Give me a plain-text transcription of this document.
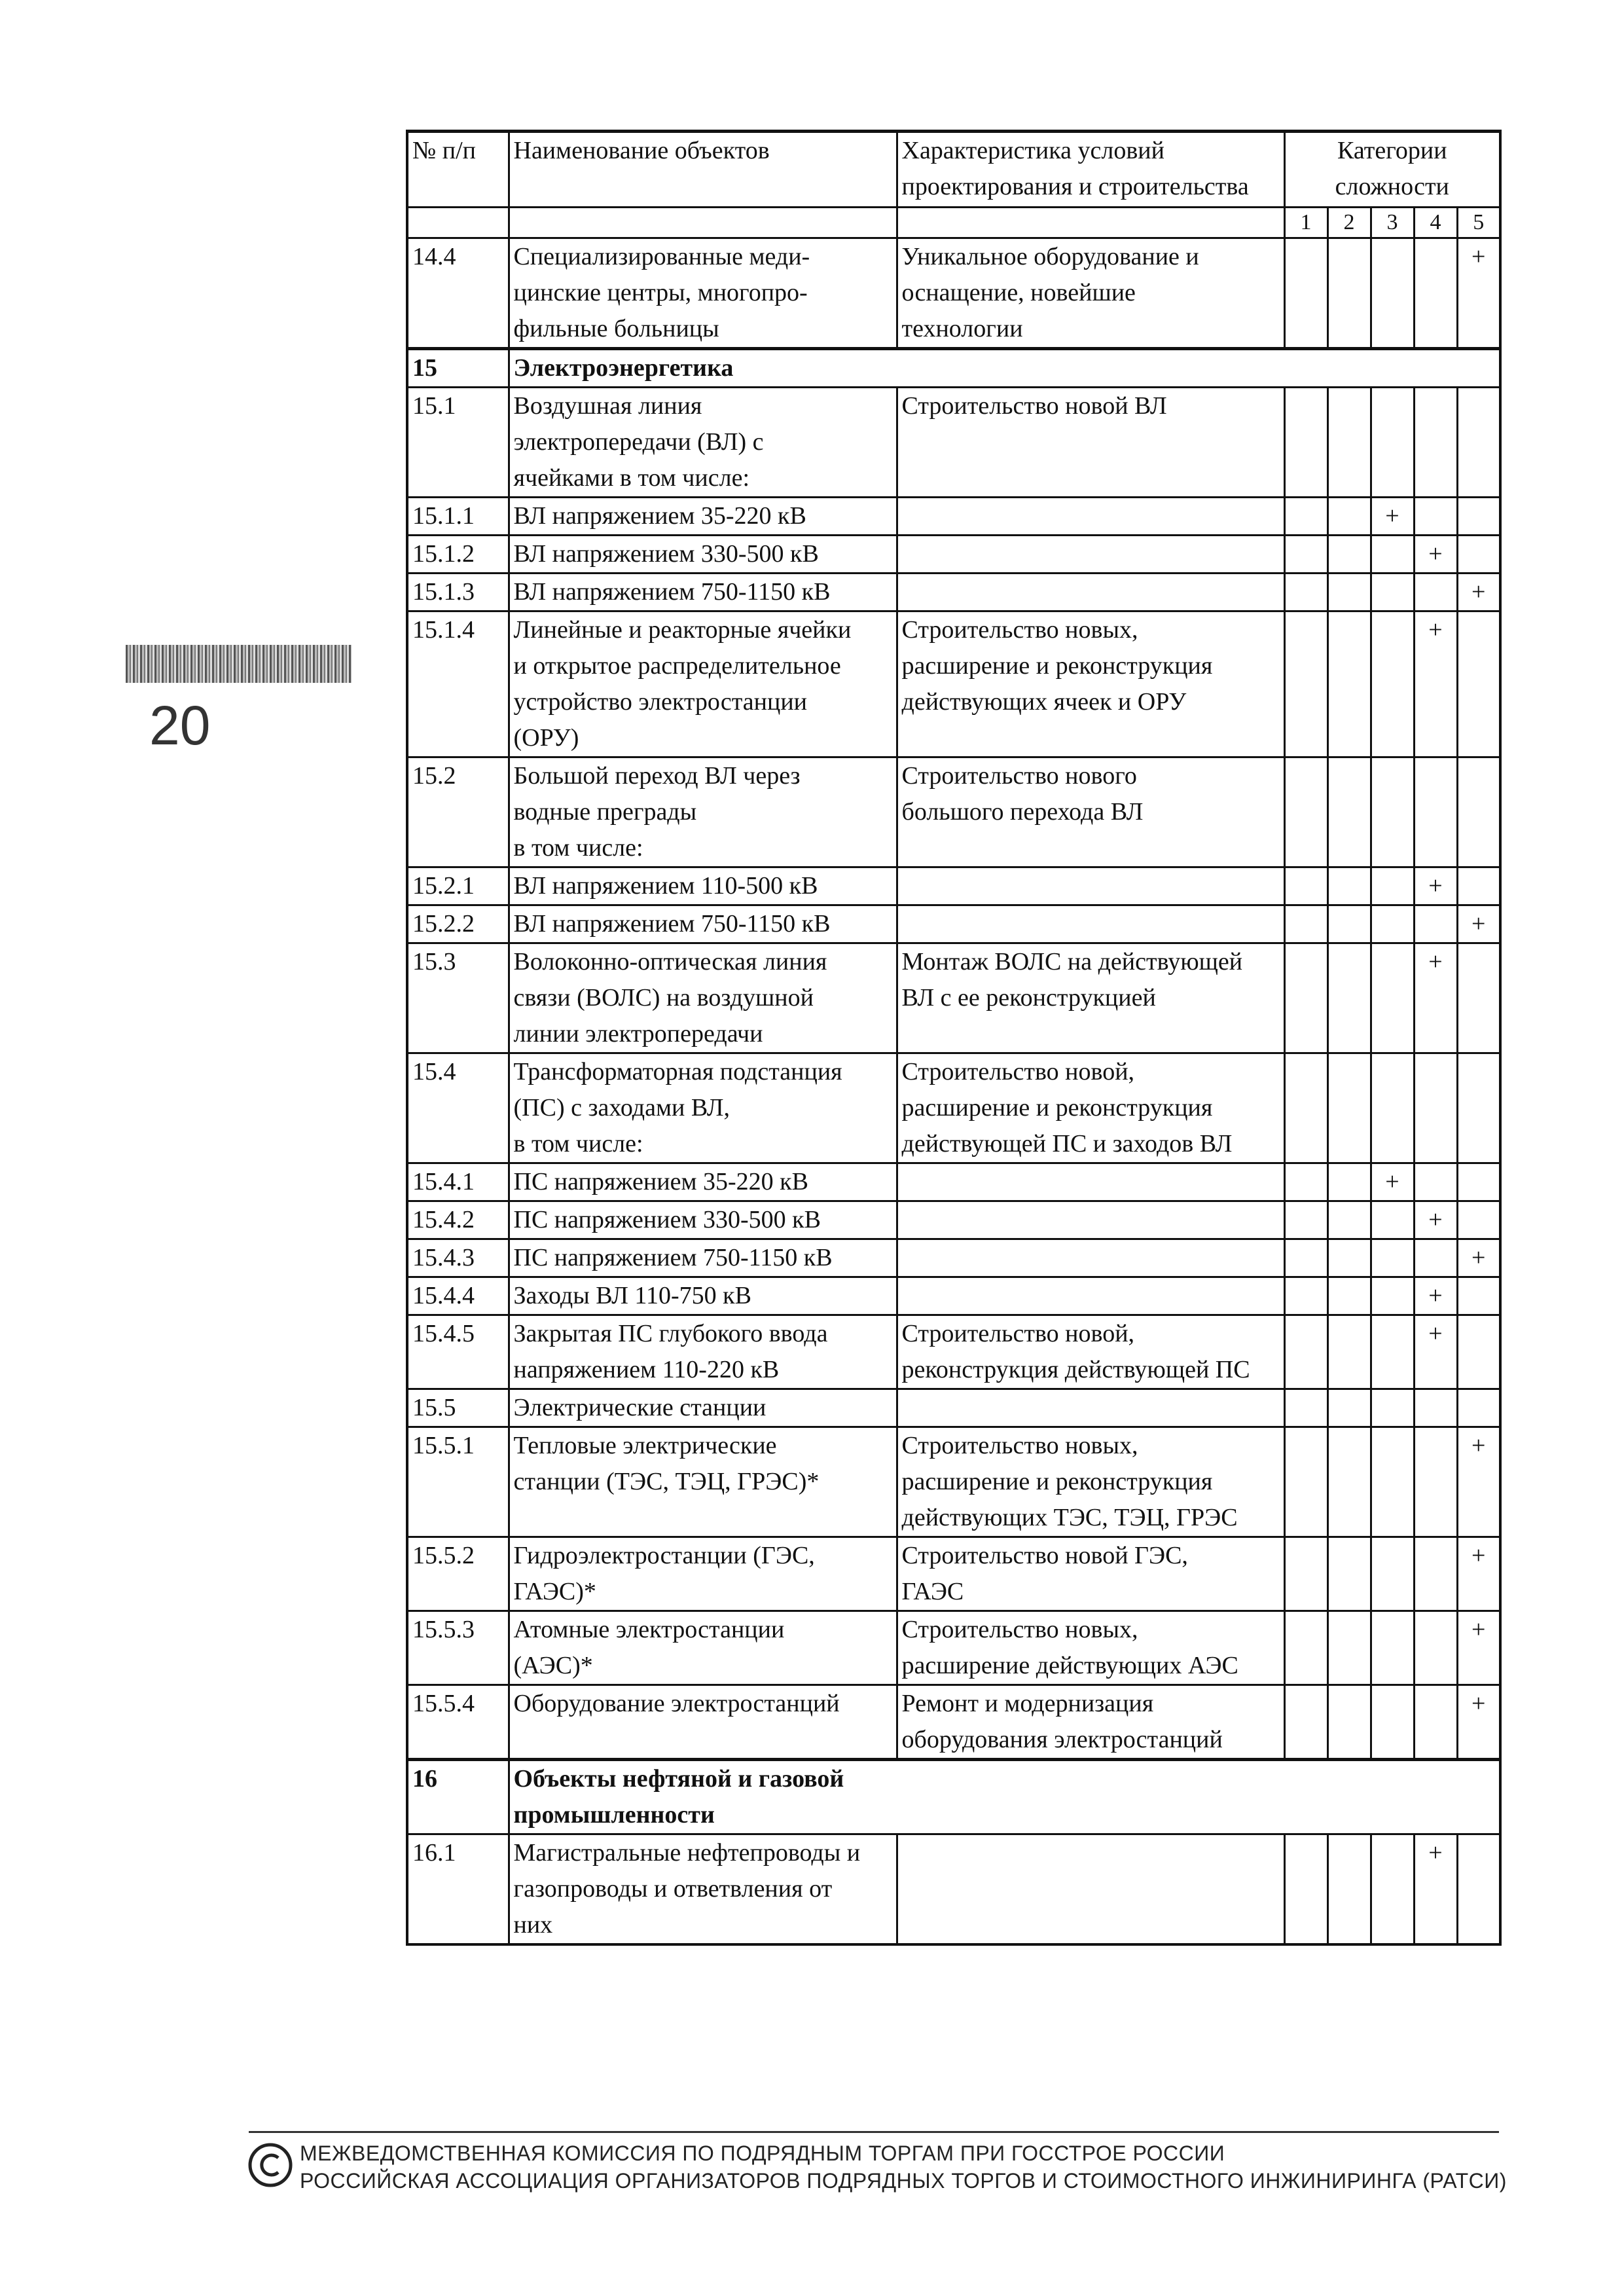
№ п/п	Наименование объектов	Характеристика условий
проектирования и строительства	Категории
сложности				

			1	2	3	4	5
14.4	Специализированные меди-
цинские центры, многопро-
фильные больницы	Уникальное оборудование и
оснащение, новейшие
технологии					+
15	Электроэнергетика						

15.1	Воздушная линия
электропередачи (ВЛ) с
ячейками в том числе:	Строительство новой ВЛ					

15.1.1	ВЛ напряжением 35-220 кВ				+		
15.1.2	ВЛ напряжением 330-500 кВ					+	
15.1.3	ВЛ напряжением 750-1150 кВ						+
15.1.4	Линейные и реакторные ячейки
и открытое распределительное
устройство электростанции
(ОРУ)	Строительство новых,
расширение и реконструкция
действующих ячеек и ОРУ				+	
15.2	Большой переход ВЛ через
водные преграды
в том числе:	Строительство нового
большого перехода ВЛ					

15.2.1	ВЛ напряжением 110-500 кВ					+	
15.2.2	ВЛ напряжением 750-1150 кВ						+
15.3	Волоконно-оптическая линия
связи (ВОЛС) на воздушной
линии электропередачи	Монтаж ВОЛС на действующей
ВЛ с ее реконструкцией				+	
15.4	Трансформаторная подстанция
(ПС) с заходами ВЛ,
в том числе:	Строительство новой,
расширение и реконструкция
действующей ПС и заходов ВЛ					

15.4.1	ПС напряжением 35-220 кВ				+		
15.4.2	ПС напряжением 330-500 кВ					+	
15.4.3	ПС напряжением 750-1150 кВ						+
15.4.4	Заходы ВЛ 110-750 кВ					+	
15.4.5	Закрытая ПС глубокого ввода
напряжением 110-220 кВ	Строительство новой,
реконструкция действующей ПС				+	
15.5	Электрические станции						

15.5.1	Тепловые электрические
станции (ТЭС, ТЭЦ, ГРЭС)*	Строительство новых,
расширение и реконструкция
действующих ТЭС, ТЭЦ, ГРЭС					+
15.5.2	Гидроэлектростанции (ГЭС,
ГАЭС)*	Строительство новой ГЭС,
ГАЭС					+
15.5.3	Атомные электростанции
(АЭС)*	Строительство новых,
расширение действующих АЭС					+
15.5.4	Оборудование электростанций	Ремонт и модернизация
оборудования электростанций					+
16	Объекты нефтяной и газовой
промышленности						

16.1	Магистральные нефтепроводы и
газопроводы и ответвления от
них					+	
20
МЕЖВЕДОМСТВЕННАЯ КОМИССИЯ ПО ПОДРЯДНЫМ ТОРГАМ ПРИ ГОССТРОЕ РОССИИ
РОССИЙСКАЯ АССОЦИАЦИЯ ОРГАНИЗАТОРОВ ПОДРЯДНЫХ ТОРГОВ И СТОИМОСТНОГО ИНЖИНИРИНГА (РАТСИ)
